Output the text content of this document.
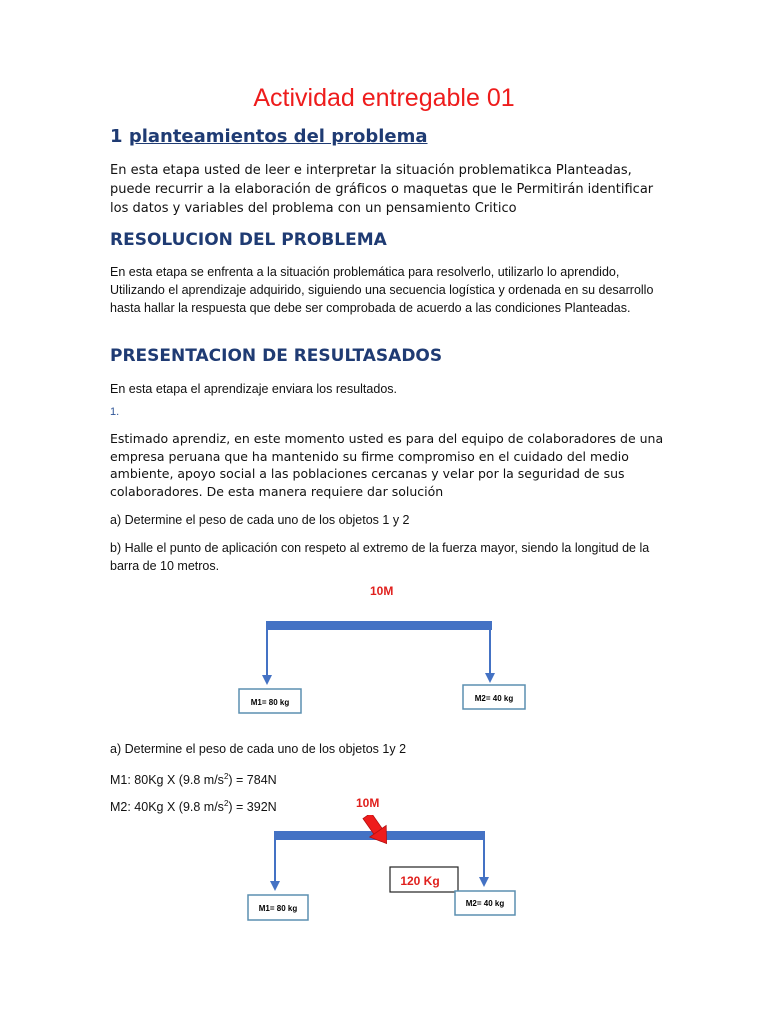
Actividad entregable 01
1 planteamientos del problema
En esta etapa usted de leer e interpretar la situación problematikca Planteadas, puede recurrir a la elaboración de gráficos o maquetas que le Permitirán identificar los datos y variables del problema con un pensamiento Critico
RESOLUCION DEL PROBLEMA
En esta etapa se enfrenta a la situación problemática para resolverlo, utilizarlo lo aprendido, Utilizando el aprendizaje adquirido, siguiendo una secuencia logística y ordenada en su desarrollo hasta hallar la respuesta que debe ser comprobada de acuerdo a las condiciones Planteadas.
PRESENTACION DE RESULTASADOS
En esta etapa el aprendizaje enviara los resultados.
1.
Estimado aprendiz, en este momento usted es para del equipo de colaboradores de una empresa peruana que ha mantenido su firme compromiso en el cuidado del medio ambiente, apoyo social a las poblaciones cercanas y velar por la seguridad de sus colaboradores. De esta manera requiere dar solución
a) Determine el peso de cada uno de los objetos 1 y 2
b) Halle el punto de aplicación con respeto al extremo de la fuerza mayor, siendo la longitud de la barra de 10 metros.
10M
M1= 80 kg	M2= 40 kg
a) Determine el peso de cada uno de los objetos 1y 2
M1: 80Kg X (9.8 $m/s^2) = 784N$
M2: 40Kg X (9.8 $m/s^2) = 392N$	10M
120 Kg
M1= 80 kg
M2= 40 kg
